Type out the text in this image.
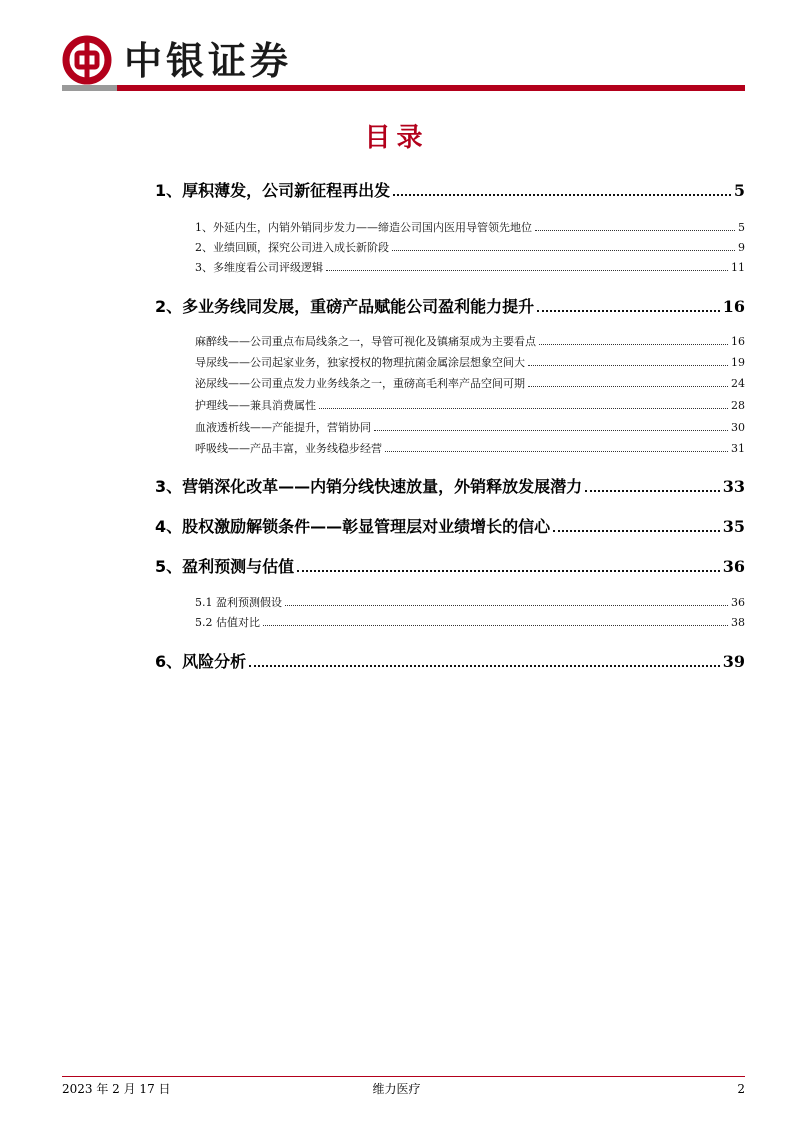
中银证券
目录
1、厚积薄发，公司新征程再出发	5
1、外延内生，内销外销同步发力——缔造公司国内医用导管领先地位	5
2、业绩回顾，探究公司进入成长新阶段	9
3、多维度看公司评级逻辑	11
2、多业务线同发展，重磅产品赋能公司盈利能力提升	16
麻醉线——公司重点布局线条之一，导管可视化及镇痛泵成为主要看点	16
导尿线——公司起家业务，独家授权的物理抗菌金属涂层想象空间大	19
泌尿线——公司重点发力业务线条之一，重磅高毛利率产品空间可期	24
护理线——兼具消费属性	28
血液透析线——产能提升，营销协同	30
呼吸线——产品丰富，业务线稳步经营	31
3、营销深化改革——内销分线快速放量，外销释放发展潜力	33
4、股权激励解锁条件——彰显管理层对业绩增长的信心	35
5、盈利预测与估值	36
5.1 盈利预测假设	36
5.2 估值对比	38
6、风险分析	39
2023 年 2 月 17 日	维力医疗	2
